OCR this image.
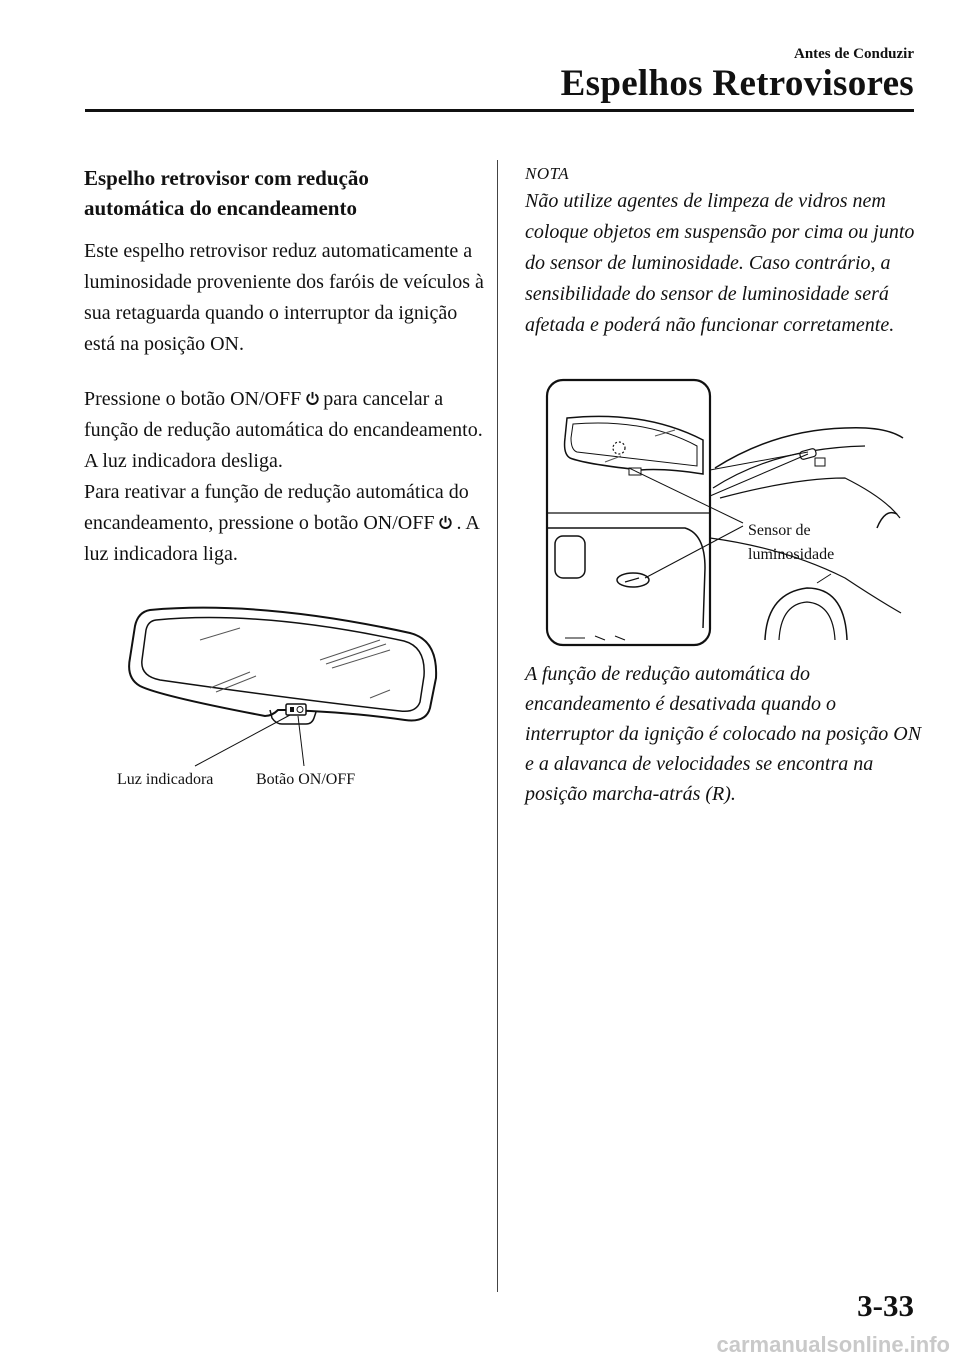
Antes de Conduzir
Espelhos Retrovisores
Espelho retrovisor com redução
automática do encandeamento

Este espelho retrovisor reduz automaticamente a luminosidade proveniente dos faróis de veículos à sua retaguarda quando o interruptor da ignição está na posição ON.

Pressione o botão ON/OFF para cancelar a função de redução automática do encandeamento. A luz indicadora desliga.

Para reativar a função de redução automática do encandeamento, pressione o botão ON/OFF . A luz indicadora liga.

Luz indicadora	Botão ON/OFF
NOTA

Não utilize agentes de limpeza de vidros nem coloque objetos em suspensão por cima ou junto do sensor de luminosidade. Caso contrário, a sensibilidade do sensor de luminosidade será afetada e poderá não funcionar corretamente.

Sensor de
luminosidade

A função de redução automática do encandeamento é desativada quando o interruptor da ignição é colocado na posição ON e a alavanca de velocidades se encontra na posição marcha-atrás (R).

3-33
carmanualsonline.info
